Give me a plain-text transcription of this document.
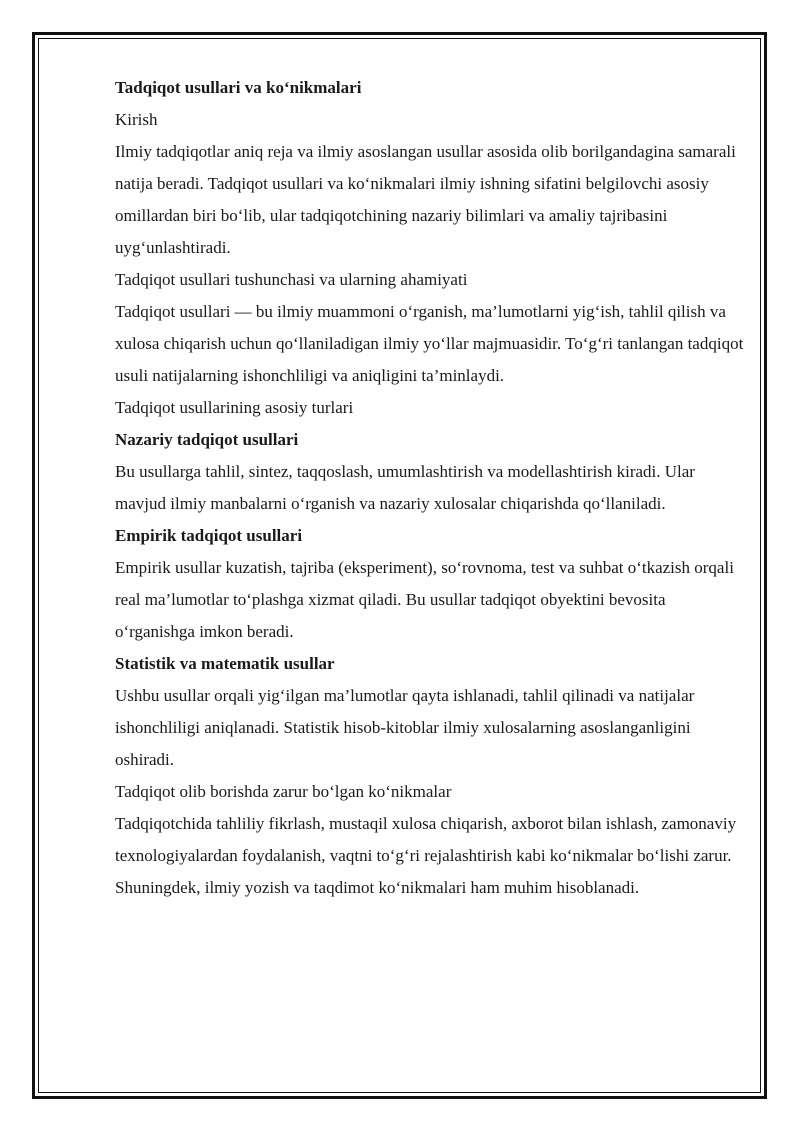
Tadqiqot usullari va ko‘nikmalari

Kirish

Ilmiy tadqiqotlar aniq reja va ilmiy asoslangan usullar asosida olib borilgandagina samarali natija beradi. Tadqiqot usullari va ko‘nikmalari ilmiy ishning sifatini belgilovchi asosiy omillardan biri bo‘lib, ular tadqiqotchining nazariy bilimlari va amaliy tajribasini uyg‘unlashtiradi.

Tadqiqot usullari tushunchasi va ularning ahamiyati

Tadqiqot usullari — bu ilmiy muammoni o‘rganish, ma’lumotlarni yig‘ish, tahlil qilish va xulosa chiqarish uchun qo‘llaniladigan ilmiy yo‘llar majmuasidir. To‘g‘ri tanlangan tadqiqot usuli natijalarning ishonchliligi va aniqligini ta’minlaydi.

Tadqiqot usullarining asosiy turlari

Nazariy tadqiqot usullari

Bu usullarga tahlil, sintez, taqqoslash, umumlashtirish va modellashtirish kiradi. Ular mavjud ilmiy manbalarni o‘rganish va nazariy xulosalar chiqarishda qo‘llaniladi.

Empirik tadqiqot usullari

Empirik usullar kuzatish, tajriba (eksperiment), so‘rovnoma, test va suhbat o‘tkazish orqali real ma’lumotlar to‘plashga xizmat qiladi. Bu usullar tadqiqot obyektini bevosita o‘rganishga imkon beradi.

Statistik va matematik usullar

Ushbu usullar orqali yig‘ilgan ma’lumotlar qayta ishlanadi, tahlil qilinadi va natijalar ishonchliligi aniqlanadi. Statistik hisob-kitoblar ilmiy xulosalarning asoslanganligini oshiradi.

Tadqiqot olib borishda zarur bo‘lgan ko‘nikmalar

Tadqiqotchida tahliliy fikrlash, mustaqil xulosa chiqarish, axborot bilan ishlash, zamonaviy texnologiyalardan foydalanish, vaqtni to‘g‘ri rejalashtirish kabi ko‘nikmalar bo‘lishi zarur. Shuningdek, ilmiy yozish va taqdimot ko‘nikmalari ham muhim hisoblanadi.
